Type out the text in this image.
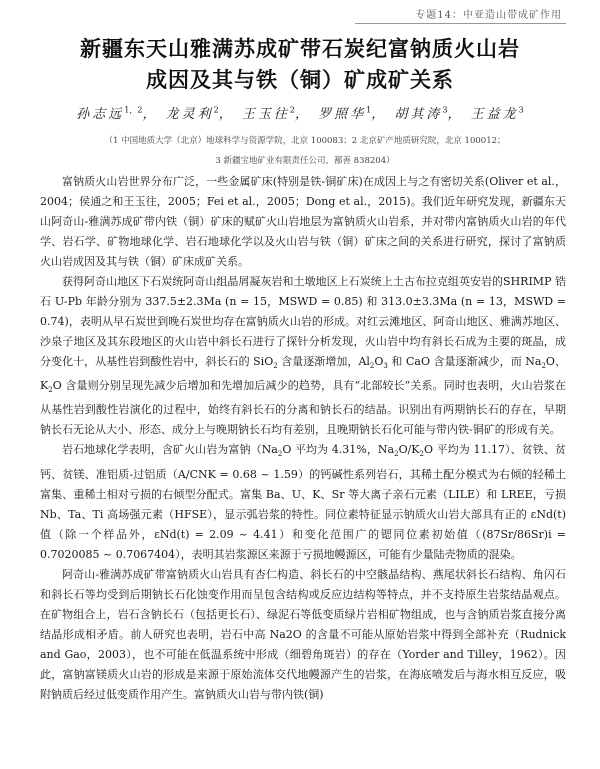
专题14：中亚造山带成矿作用
新疆东天山雅满苏成矿带石炭纪富钠质火山岩
成因及其与铁（铜）矿成矿关系
孙志远$^{1,2}$， 龙灵利$^2$， 王玉往$^2$， 罗照华$^1$， 胡其涛$^3$， 王益龙$^3$
（1 中国地质大学（北京）地球科学与资源学院，北京 100083；2 北京矿产地质研究院，北京 100012；
3 新疆宝地矿业有限责任公司，鄯善 838204）

富钠质火山岩世界分布广泛，一些金属矿床(特别是铁-铜矿床)在成因上与之有密切关系(Oliver et al.，2004；侯通之和王玉往，2005；Fei et al.，2005；Dong et al.，2015)。我们近年研究发现，新疆东天山阿奇山-雅满苏成矿带内铁（铜）矿床的赋矿火山岩地层为富钠质火山岩系，并对带内富钠质火山岩的年代学、岩石学、矿物地球化学、岩石地球化学以及火山岩与铁（铜）矿床之间的关系进行研究，探讨了富钠质火山岩成因及其与铁（铜）矿床成矿关系。

获得阿奇山地区下石炭统阿奇山组晶屑凝灰岩和土墩地区上石炭统上土古布拉克组英安岩的SHRIMP 锆石 U-Pb 年龄分别为 337.5±2.3Ma (n = 15，MSWD = 0.85) 和 313.0±3.3Ma (n = 13，MSWD = 0.74)，表明从早石炭世到晚石炭世均存在富钠质火山岩的形成。对红云滩地区、阿奇山地区、雅满苏地区、沙泉子地区及其东段地区的火山岩中斜长石进行了探针分析发现，火山岩中均有斜长石成为主要的斑晶，成分变化十，从基性岩到酸性岩中，斜长石的 SiO$_2$ 含量逐渐增加，$Al_2O_3$ 和 CaO 含量逐渐减少，而 $Na_2O$、$K_2O$ 含量则分别呈现先减少后增加和先增加后减少的趋势，具有“北部较长”关系。同时也表明，火山岩浆在从基性岩到酸性岩演化的过程中，始终有斜长石的分离和钠长石的结晶。识别出有两期钠长石的存在，早期钠长石无论从大小、形态、成分上与晚期钠长石均有差别，且晚期钠长石化可能与带内铁-铜矿的形成有关。

岩石地球化学表明，含矿火山岩为富钠（$Na_2O$ 平均为 4.31%，$Na_2O/K_2O$ 平均为 11.17）、贫铁、贫钙、贫镁、准铝质-过铝质（A/CNK = 0.68 ~ 1.59）的钙碱性系列岩石，其稀土配分模式为右倾的轻稀土富集、重稀土相对亏损的右倾型分配式。富集 Ba、U、K、Sr 等大离子亲石元素（LILE）和 LREE，亏损 Nb、Ta、Ti 高场强元素（HFSE），显示弧岩浆的特性。同位素特征显示钠质火山岩大部具有正的 εNd(t) 值（除一个样品外，εNd(t) = 2.09 ~ 4.41）和变化范围广的锶同位素初始值（(87Sr/86Sr)i = 0.7020085 ~ 0.7067404），表明其岩浆源区来源于亏损地幔源区，可能有少量陆壳物质的混染。

阿奇山-雅满苏成矿带富钠质火山岩具有杏仁构造、斜长石的中空骸晶结构、燕尾状斜长石结构、角闪石和斜长石等均受到后期钠长石化蚀变作用而呈包含结构或反应边结构等特点，并不支持原生岩浆结晶观点。在矿物组合上，岩石含钠长石（包括更长石）、绿泥石等低变质绿片岩相矿物组成，也与含钠质岩浆直接分离结晶形成相矛盾。前人研究也表明，岩石中高 Na2O 的含量不可能从原始岩浆中得到全部补充（Rudnick and Gao，2003），也不可能在低温系统中形成（细碧角斑岩）的存在（Yorder and Tilley，1962）。因此，富钠富镁质火山岩的形成是来源于原始流体交代地幔源产生的岩浆，在海底喷发后与海水相互反应，吸附钠质后经过低变质作用产生。富钠质火山岩与带内铁(铜)
